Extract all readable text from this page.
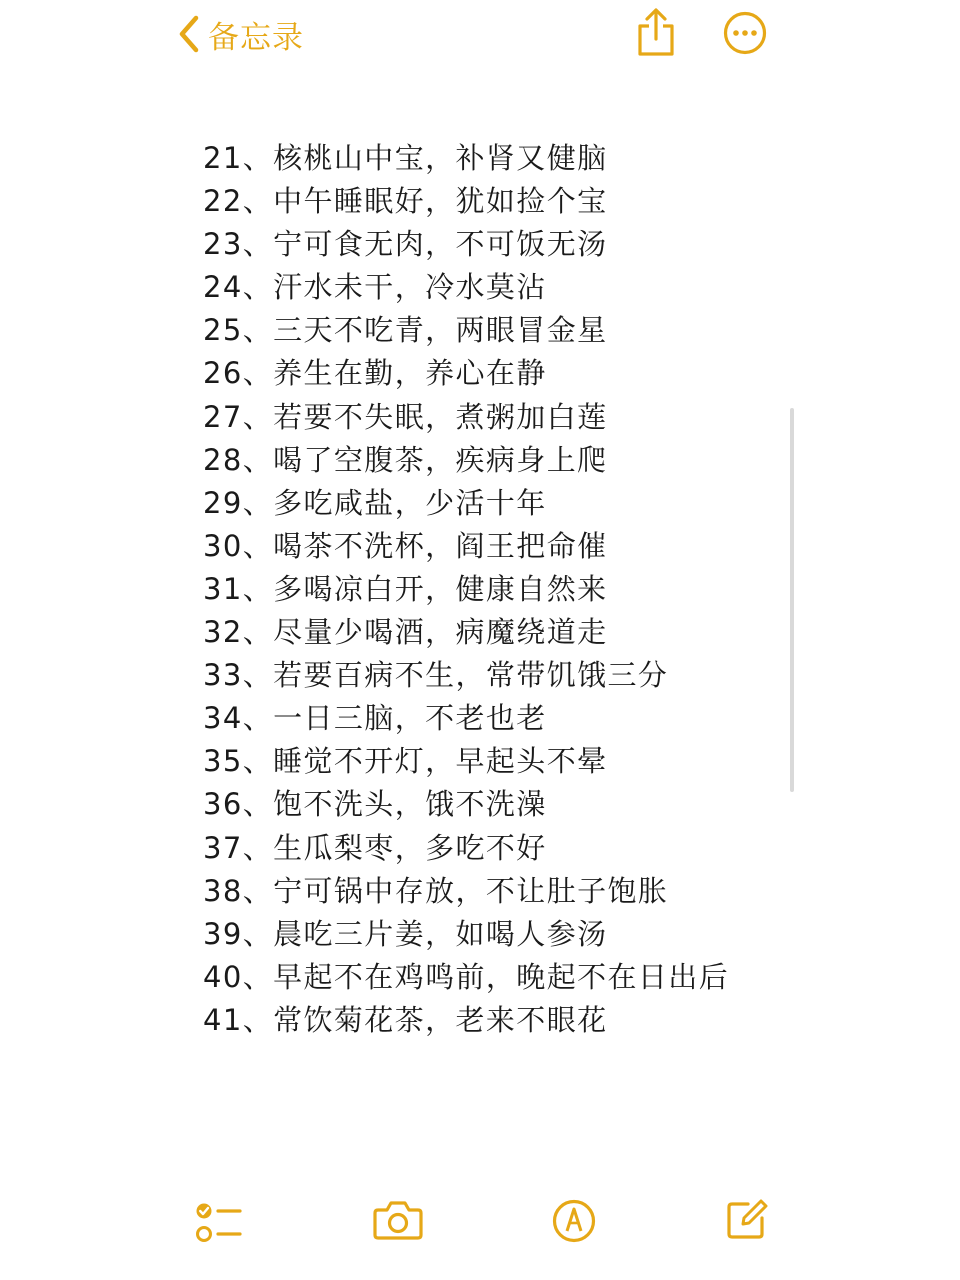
备忘录
21、核桃山中宝，补肾又健脑
22、中午睡眠好，犹如捡个宝
23、宁可食无肉，不可饭无汤
24、汗水未干，冷水莫沾
25、三天不吃青，两眼冒金星
26、养生在勤，养心在静
27、若要不失眠，煮粥加白莲
28、喝了空腹茶，疾病身上爬
29、多吃咸盐，少活十年
30、喝茶不洗杯，阎王把命催
31、多喝凉白开，健康自然来
32、尽量少喝酒，病魔绕道走
33、若要百病不生，常带饥饿三分
34、一日三脑，不老也老
35、睡觉不开灯，早起头不晕
36、饱不洗头，饿不洗澡
37、生瓜梨枣，多吃不好
38、宁可锅中存放，不让肚子饱胀
39、晨吃三片姜，如喝人参汤
40、早起不在鸡鸣前，晚起不在日出后
41、常饮菊花茶，老来不眼花
